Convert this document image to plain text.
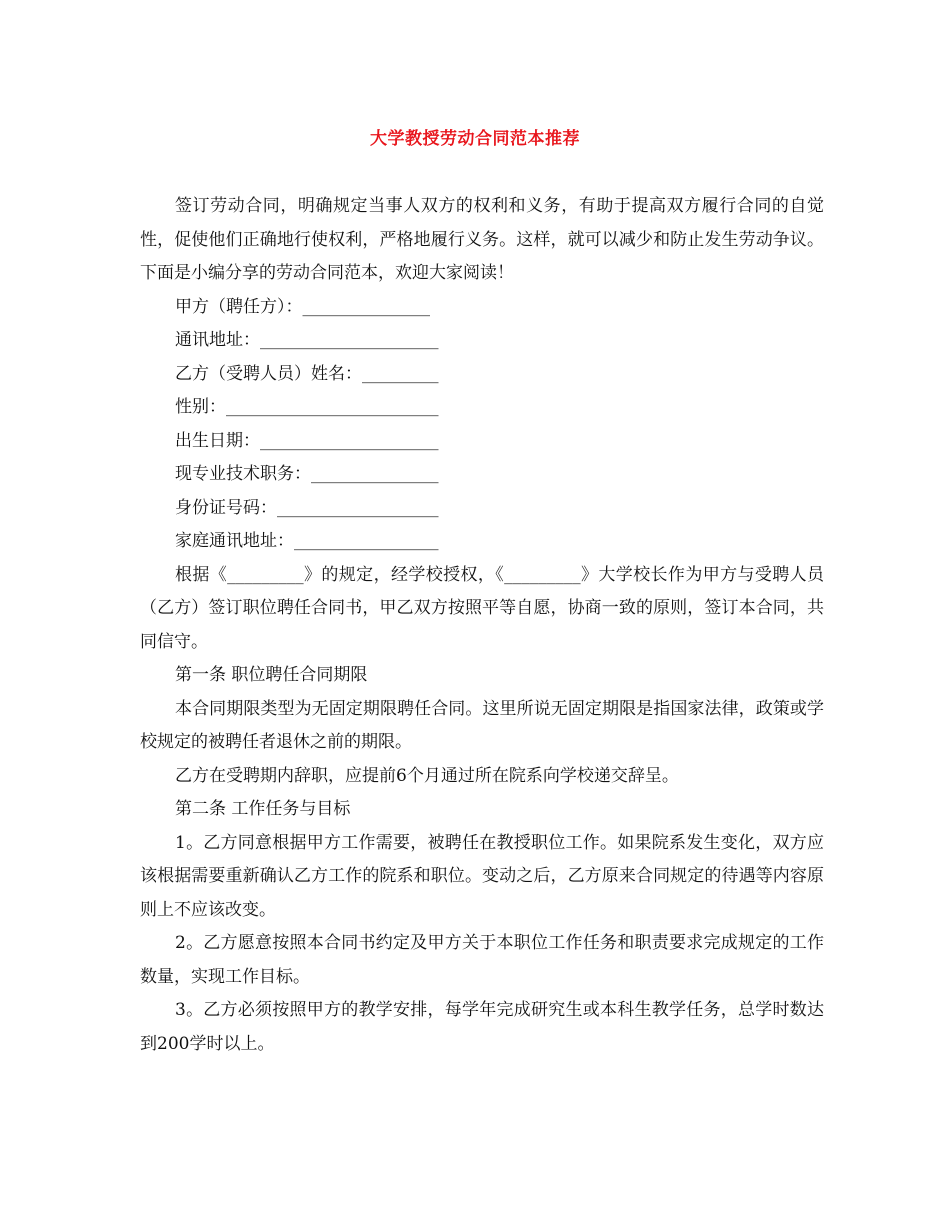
大学教授劳动合同范本推荐

签订劳动合同，明确规定当事人双方的权利和义务，有助于提高双方履行合同的自觉性，促使他们正确地行使权利，严格地履行义务。这样，就可以减少和防止发生劳动争议。下面是小编分享的劳动合同范本，欢迎大家阅读！

甲方（聘任方）：_______________

通讯地址：_____________________

乙方（受聘人员）姓名：_________

性别：_________________________

出生日期：_____________________

现专业技术职务：_______________

身份证号码：___________________

家庭通讯地址：_________________

根据《_________》的规定，经学校授权，《_________》大学校长作为甲方与受聘人员（乙方）签订职位聘任合同书，甲乙双方按照平等自愿，协商一致的原则，签订本合同，共同信守。

第一条 职位聘任合同期限

本合同期限类型为无固定期限聘任合同。这里所说无固定期限是指国家法律，政策或学校规定的被聘任者退休之前的期限。

乙方在受聘期内辞职，应提前6个月通过所在院系向学校递交辞呈。

第二条 工作任务与目标

1。乙方同意根据甲方工作需要，被聘任在教授职位工作。如果院系发生变化，双方应该根据需要重新确认乙方工作的院系和职位。变动之后，乙方原来合同规定的待遇等内容原则上不应该改变。

2。乙方愿意按照本合同书约定及甲方关于本职位工作任务和职责要求完成规定的工作数量，实现工作目标。

3。乙方必须按照甲方的教学安排，每学年完成研究生或本科生教学任务，总学时数达到200学时以上。
